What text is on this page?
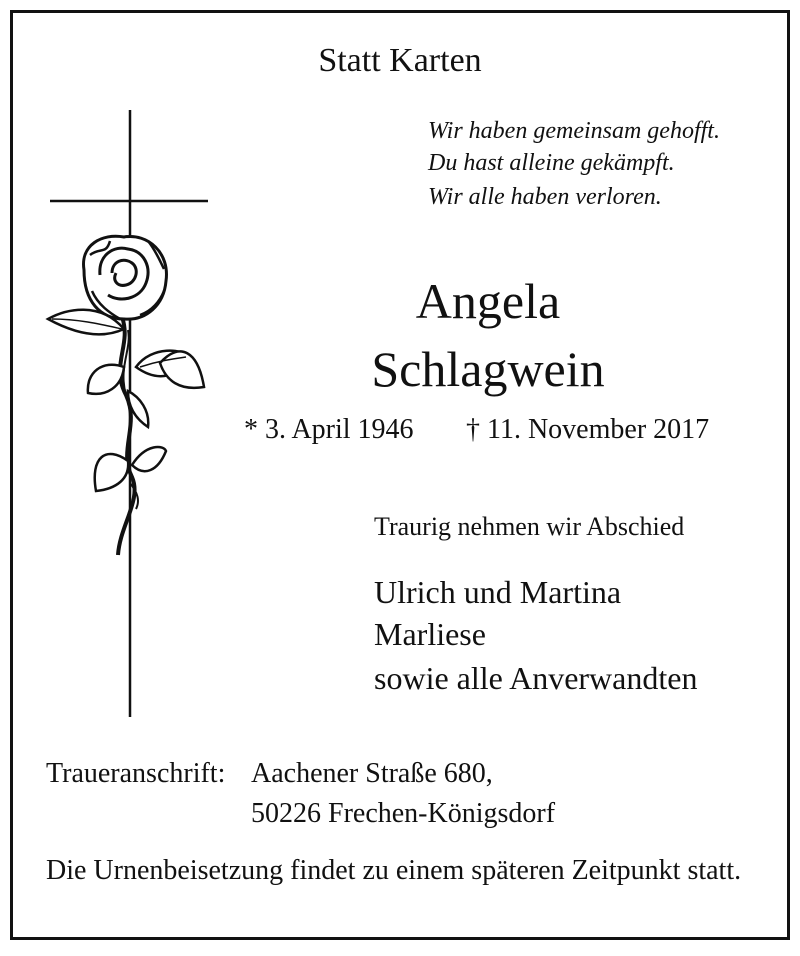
Statt Karten
Wir haben gemeinsam gehofft.
Du hast alleine gekämpft.
Wir alle haben verloren.
Angela
Schlagwein
* 3. April 1946 † 11. November 2017
Traurig nehmen wir Abschied
Ulrich und Martina
Marliese
sowie alle Anverwandten
Traueranschrift: Aachener Straße 680,
50226 Frechen-Königsdorf
Die Urnenbeisetzung findet zu einem späteren Zeitpunkt statt.
